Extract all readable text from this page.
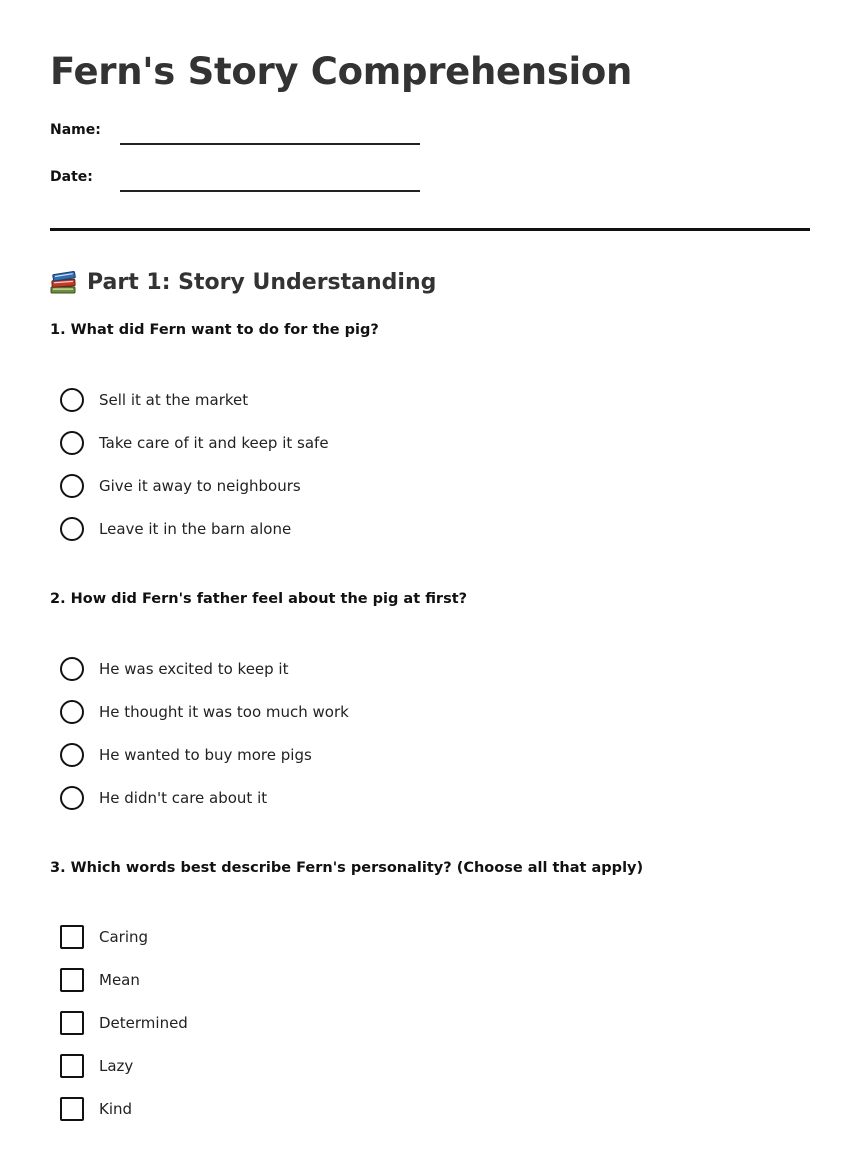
Fern's Story Comprehension
Name:
Date:
Part 1: Story Understanding

1. What did Fern want to do for the pig?

Sell it at the market
Take care of it and keep it safe
Give it away to neighbours
Leave it in the barn alone

2. How did Fern's father feel about the pig at first?

He was excited to keep it
He thought it was too much work
He wanted to buy more pigs
He didn't care about it

3. Which words best describe Fern's personality? (Choose all that apply)

Caring
Mean
Determined
Lazy
Kind
